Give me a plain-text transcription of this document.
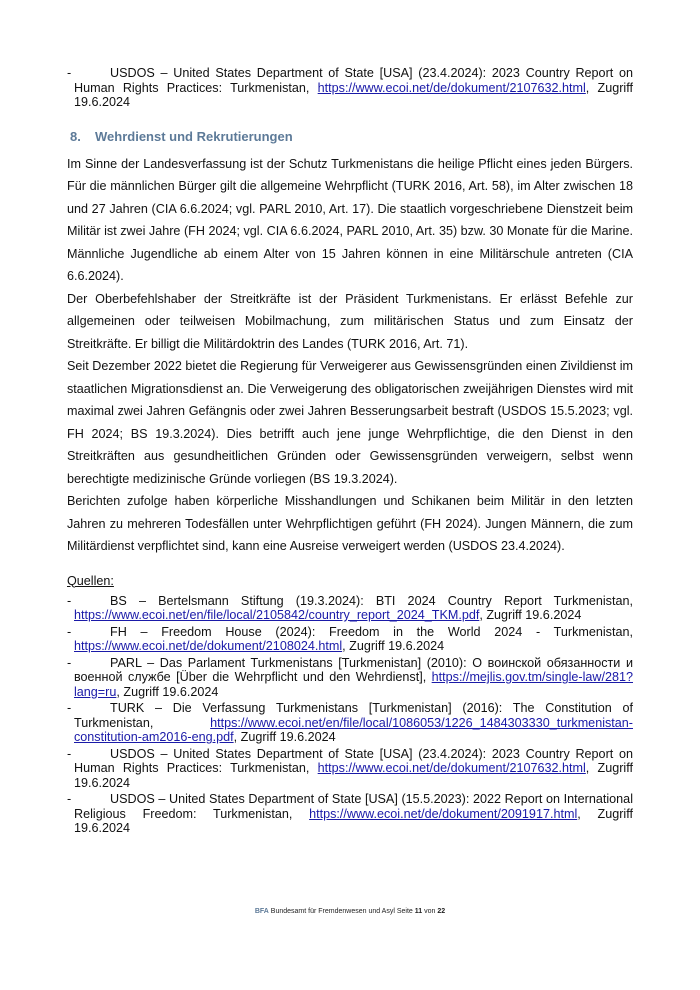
-	USDOS – United States Department of State [USA] (23.4.2024): 2023 Country Report on Human Rights Practices: Turkmenistan, https://www.ecoi.net/de/dokument/2107632.html, Zugriff 19.6.2024

8. Wehrdienst und Rekrutierungen

Im Sinne der Landesverfassung ist der Schutz Turkmenistans die heilige Pflicht eines jeden Bürgers. Für die männlichen Bürger gilt die allgemeine Wehrpflicht (TURK 2016, Art. 58), im Alter zwischen 18 und 27 Jahren (CIA 6.6.2024; vgl. PARL 2010, Art. 17). Die staatlich vorgeschriebene Dienstzeit beim Militär ist zwei Jahre (FH 2024; vgl. CIA 6.6.2024, PARL 2010, Art. 35) bzw. 30 Monate für die Marine. Männliche Jugendliche ab einem Alter von 15 Jahren können in eine Militärschule antreten (CIA 6.6.2024).

Der Oberbefehlshaber der Streitkräfte ist der Präsident Turkmenistans. Er erlässt Befehle zur allgemeinen oder teilweisen Mobilmachung, zum militärischen Status und zum Einsatz der Streitkräfte. Er billigt die Militärdoktrin des Landes (TURK 2016, Art. 71).

Seit Dezember 2022 bietet die Regierung für Verweigerer aus Gewissensgründen einen Zivildienst im staatlichen Migrationsdienst an. Die Verweigerung des obligatorischen zweijährigen Dienstes wird mit maximal zwei Jahren Gefängnis oder zwei Jahren Besserungsarbeit bestraft (USDOS 15.5.2023; vgl. FH 2024; BS 19.3.2024). Dies betrifft auch jene junge Wehrpflichtige, die den Dienst in den Streitkräften aus gesundheitlichen Gründen oder Gewissensgründen verweigern, selbst wenn berechtigte medizinische Gründe vorliegen (BS 19.3.2024).

Berichten zufolge haben körperliche Misshandlungen und Schikanen beim Militär in den letzten Jahren zu mehreren Todesfällen unter Wehrpflichtigen geführt (FH 2024). Jungen Männern, die zum Militärdienst verpflichtet sind, kann eine Ausreise verweigert werden (USDOS 23.4.2024).

Quellen:

-	BS – Bertelsmann Stiftung (19.3.2024): BTI 2024 Country Report Turkmenistan, https://www.ecoi.net/en/file/local/2105842/country_report_2024_TKM.pdf, Zugriff 19.6.2024

-	FH – Freedom House (2024): Freedom in the World 2024 - Turkmenistan, https://www.ecoi.net/de/dokument/2108024.html, Zugriff 19.6.2024

-	PARL – Das Parlament Turkmenistans [Turkmenistan] (2010): О воинской обязанности и военной службе [Über die Wehrpflicht und den Wehrdienst], https://mejlis.gov.tm/single-law/281?lang=ru, Zugriff 19.6.2024

-	TURK – Die Verfassung Turkmenistans [Turkmenistan] (2016): The Constitution of Turkmenistan, https://www.ecoi.net/en/file/local/1086053/1226_1484303330_turkmenistan-constitution-am2016-eng.pdf, Zugriff 19.6.2024

-	USDOS – United States Department of State [USA] (23.4.2024): 2023 Country Report on Human Rights Practices: Turkmenistan, https://www.ecoi.net/de/dokument/2107632.html, Zugriff 19.6.2024

-	USDOS – United States Department of State [USA] (15.5.2023): 2022 Report on International Religious Freedom: Turkmenistan, https://www.ecoi.net/de/dokument/2091917.html, Zugriff 19.6.2024

BFA Bundesamt für Fremdenwesen und Asyl Seite 11 von 22
